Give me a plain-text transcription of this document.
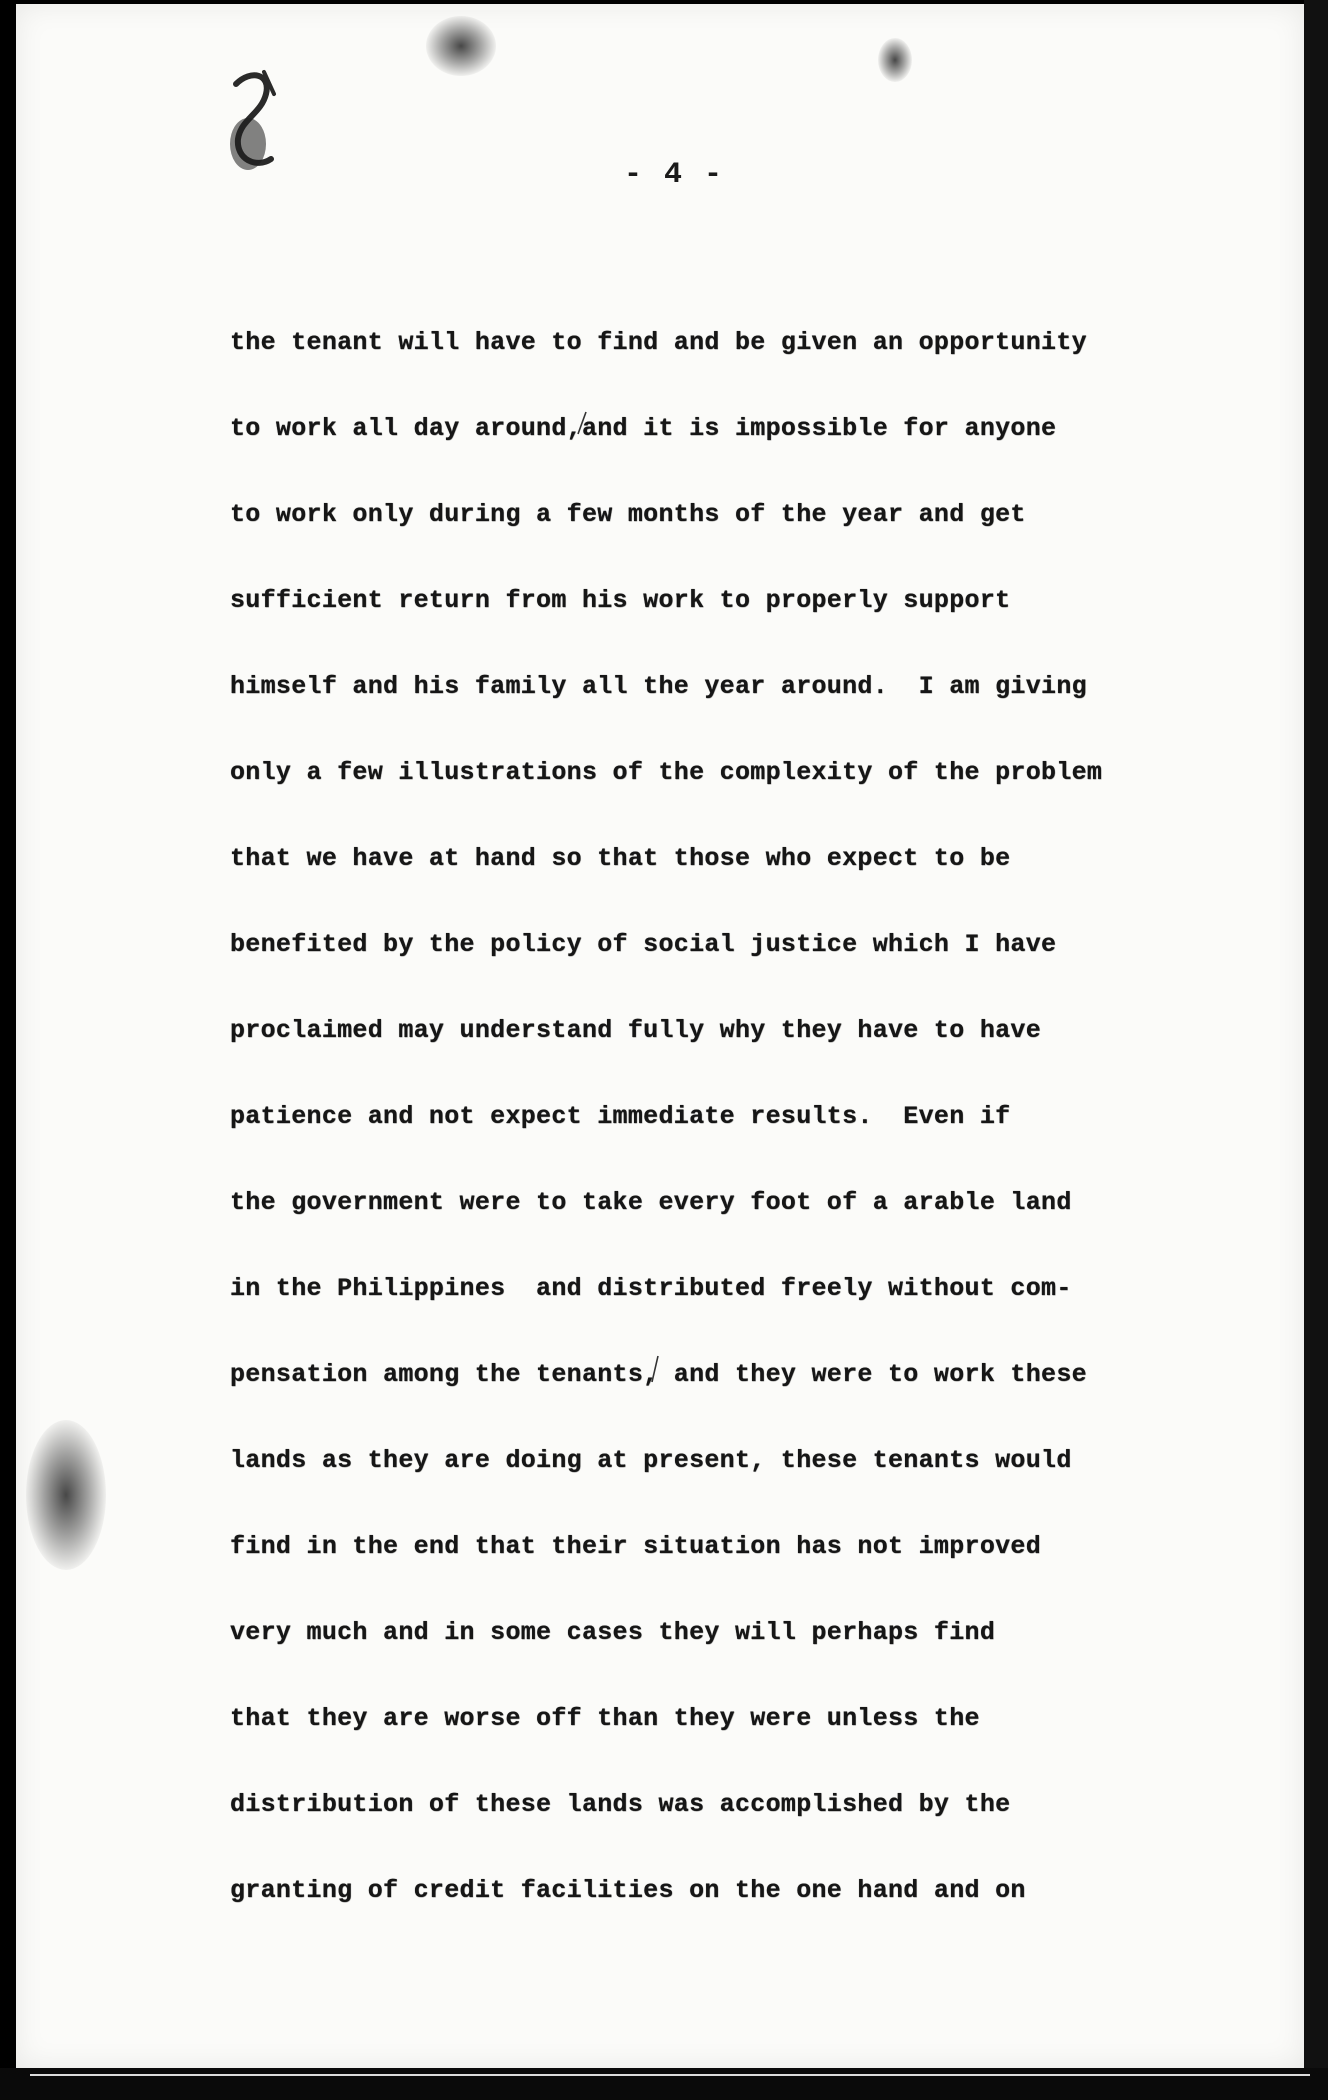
- 4 -
the tenant will have to find and be given an opportunity
to work all day around,and it is impossible for anyone
to work only during a few months of the year and get
sufficient return from his work to properly support
himself and his family all the year around.  I am giving
only a few illustrations of the complexity of the problem
that we have at hand so that those who expect to be
benefited by the policy of social justice which I have
proclaimed may understand fully why they have to have
patience and not expect immediate results.  Even if
the government were to take every foot of a arable land
in the Philippines  and distributed freely without com-
pensation among the tenants, and they were to work these
lands as they are doing at present, these tenants would
find in the end that their situation has not improved
very much and in some cases they will perhaps find
that they are worse off than they were unless the
distribution of these lands was accomplished by the
granting of credit facilities on the one hand and on
